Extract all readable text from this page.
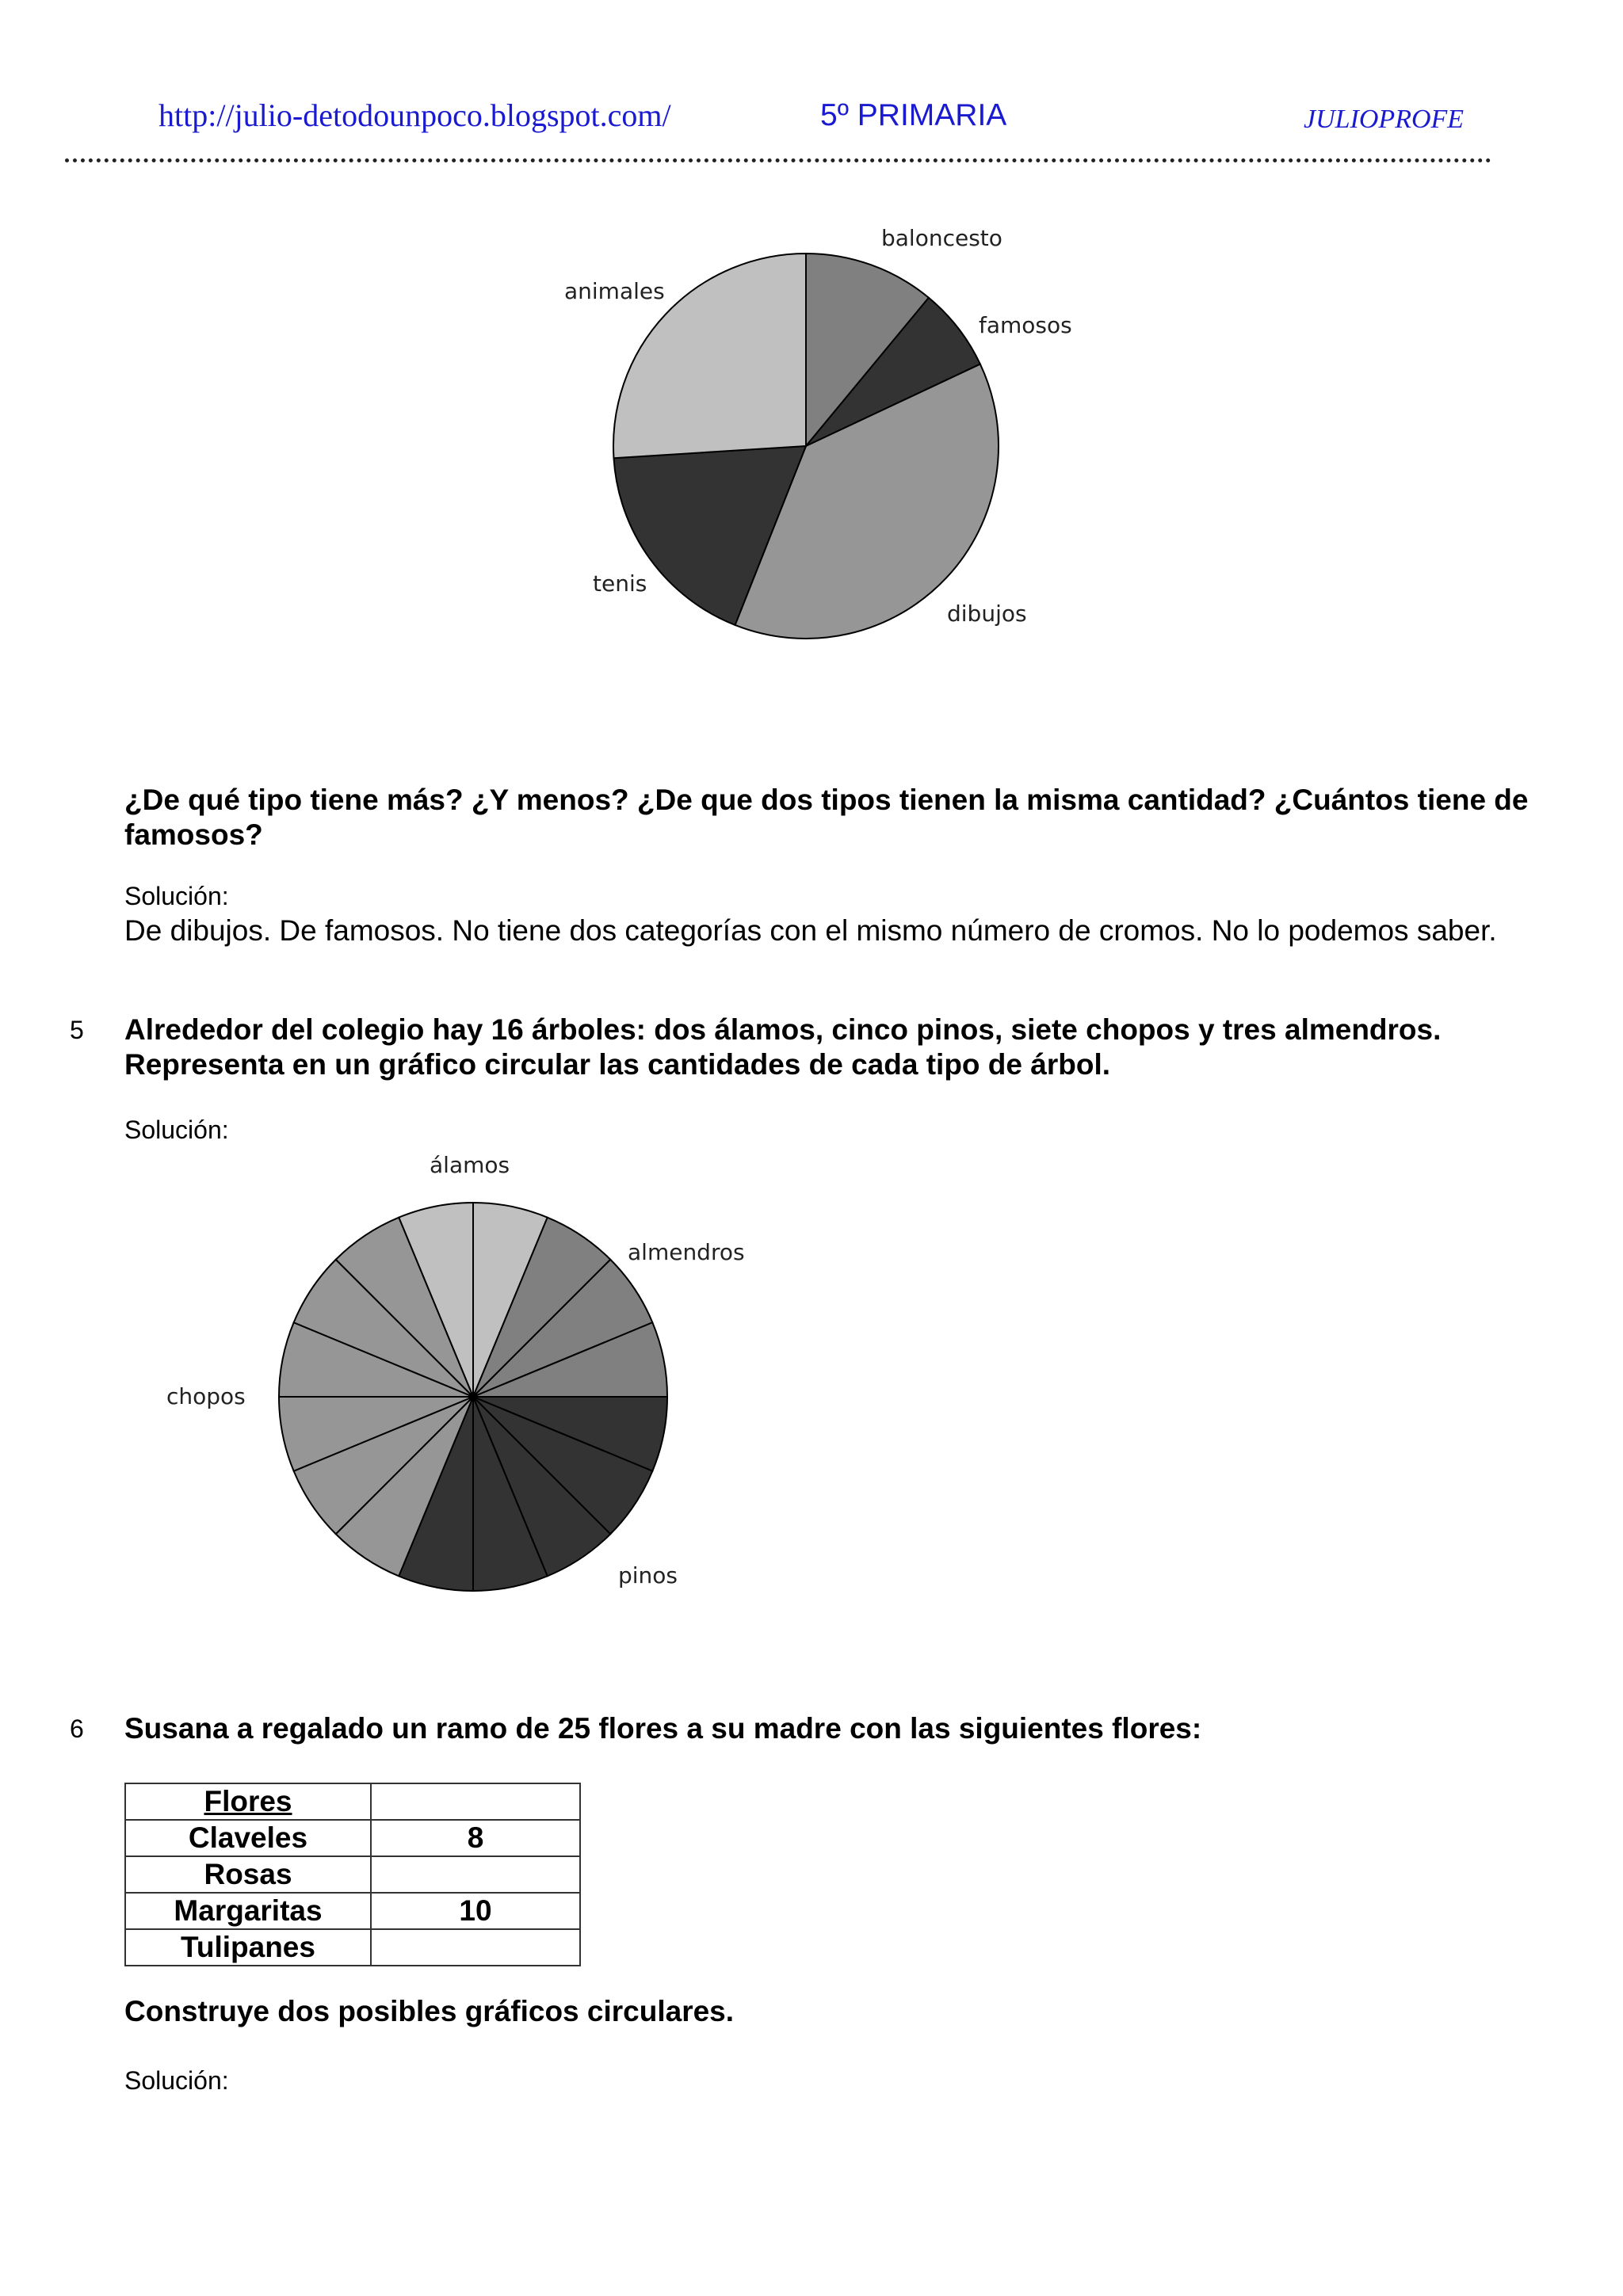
http://julio-detodounpoco.blogspot.com/	5º PRIMARIA	JULIOPROFE
baloncesto
famosos
dibujos
tenis
animales
¿De qué tipo tiene más? ¿Y menos? ¿De que dos tipos tienen la misma cantidad? ¿Cuántos tiene de famosos?
Solución:
De dibujos. De famosos. No tiene dos categorías con el mismo número de cromos. No lo podemos saber.
5 Alrededor del colegio hay 16 árboles: dos álamos, cinco pinos, siete chopos y tres almendros. Representa en un gráfico circular las cantidades de cada tipo de árbol.
Solución:
álamos
almendros
pinos
chopos
6 Susana a regalado un ramo de 25 flores a su madre con las siguientes flores:
Flores	
Claveles	8
Rosas	
Margaritas	10
Tulipanes	
Construye dos posibles gráficos circulares.
Solución:
